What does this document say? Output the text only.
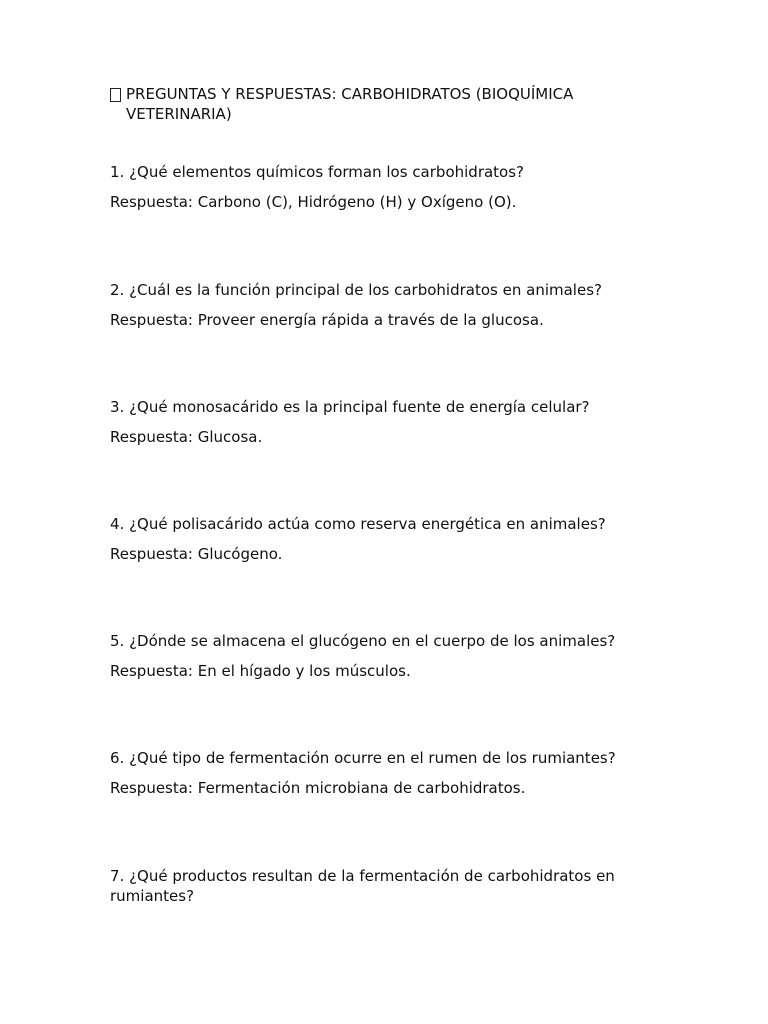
PREGUNTAS Y RESPUESTAS: CARBOHIDRATOS (BIOQUÍMICA VETERINARIA)

1. ¿Qué elementos químicos forman los carbohidratos?

Respuesta: Carbono (C), Hidrógeno (H) y Oxígeno (O).

2. ¿Cuál es la función principal de los carbohidratos en animales?

Respuesta: Proveer energía rápida a través de la glucosa.

3. ¿Qué monosacárido es la principal fuente de energía celular?

Respuesta: Glucosa.

4. ¿Qué polisacárido actúa como reserva energética en animales?

Respuesta: Glucógeno.

5. ¿Dónde se almacena el glucógeno en el cuerpo de los animales?

Respuesta: En el hígado y los músculos.

6. ¿Qué tipo de fermentación ocurre en el rumen de los rumiantes?

Respuesta: Fermentación microbiana de carbohidratos.

7. ¿Qué productos resultan de la fermentación de carbohidratos en rumiantes?
